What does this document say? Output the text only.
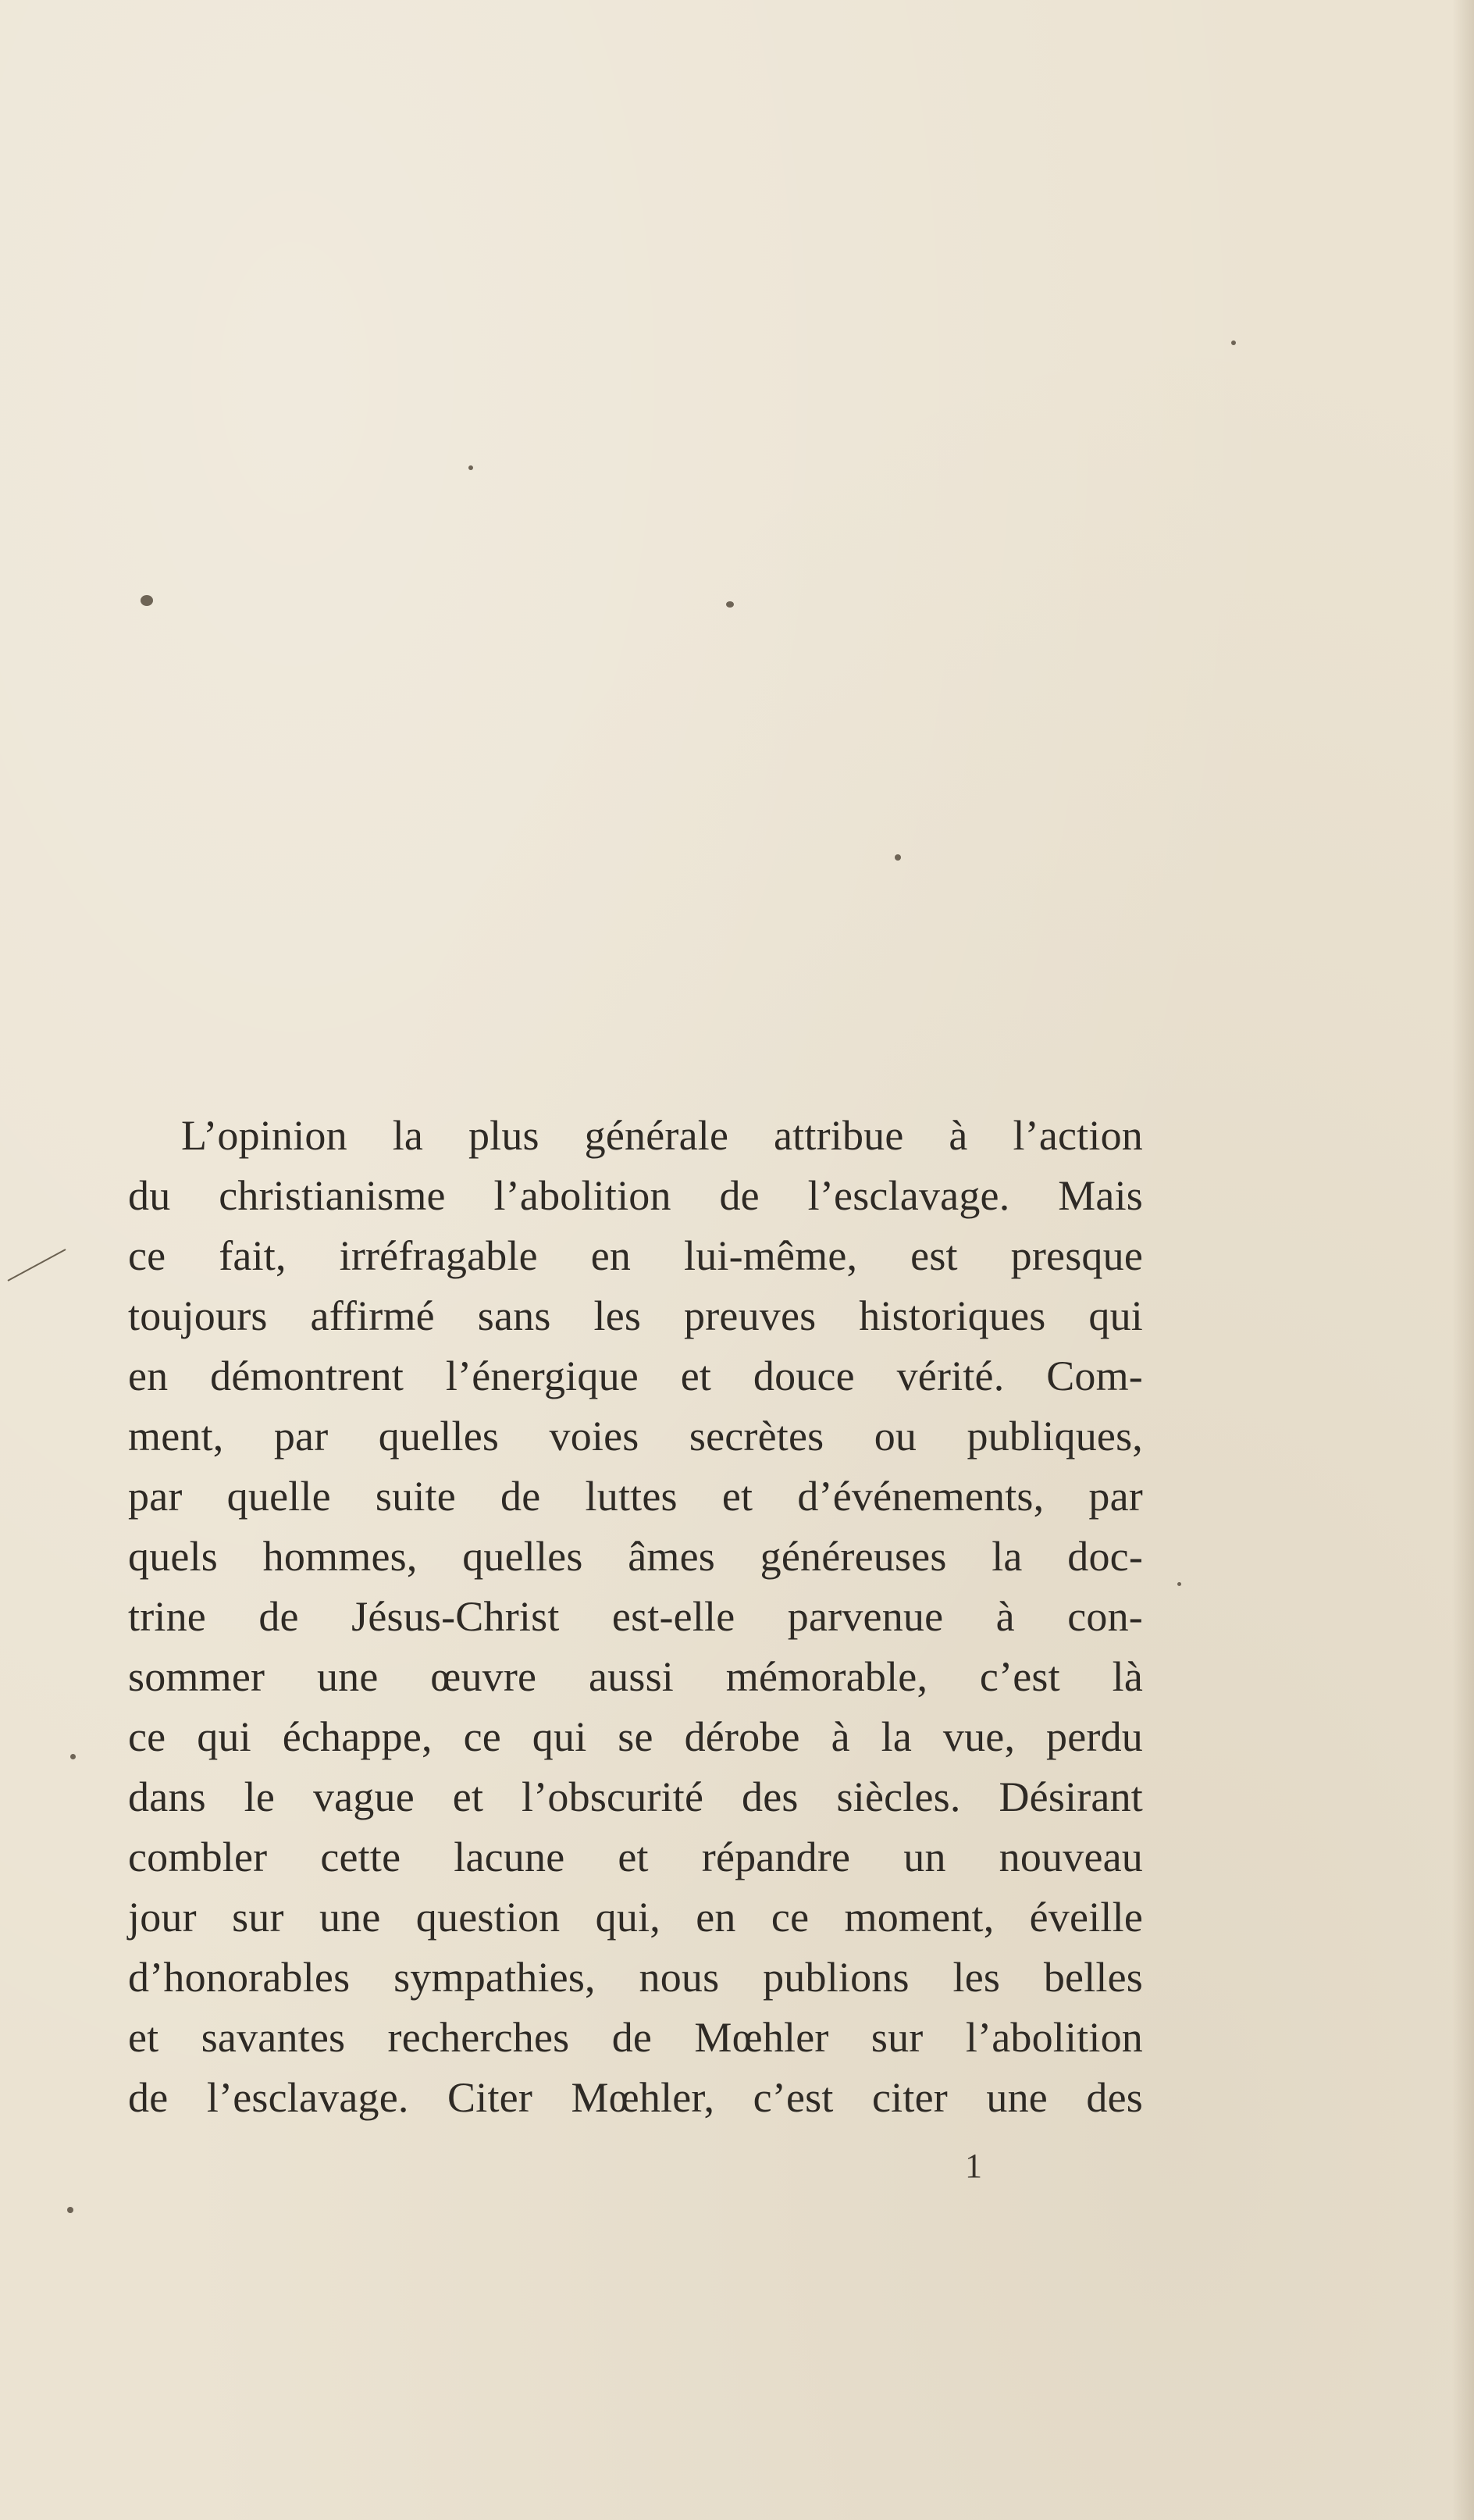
L’opinion la plus générale attribue à l’action
du christianisme l’abolition de l’esclavage. Mais
ce fait, irréfragable en lui-même, est presque
toujours affirmé sans les preuves historiques qui
en démontrent l’énergique et douce vérité. Com-
ment, par quelles voies secrètes ou publiques,
par quelle suite de luttes et d’événements, par
quels hommes, quelles âmes généreuses la doc-
trine de Jésus-Christ est-elle parvenue à con-
sommer une œuvre aussi mémorable, c’est là
ce qui échappe, ce qui se dérobe à la vue, perdu
dans le vague et l’obscurité des siècles. Désirant
combler cette lacune et répandre un nouveau
jour sur une question qui, en ce moment, éveille
d’honorables sympathies, nous publions les belles
et savantes recherches de Mœhler sur l’abolition
de l’esclavage. Citer Mœhler, c’est citer une des
1
